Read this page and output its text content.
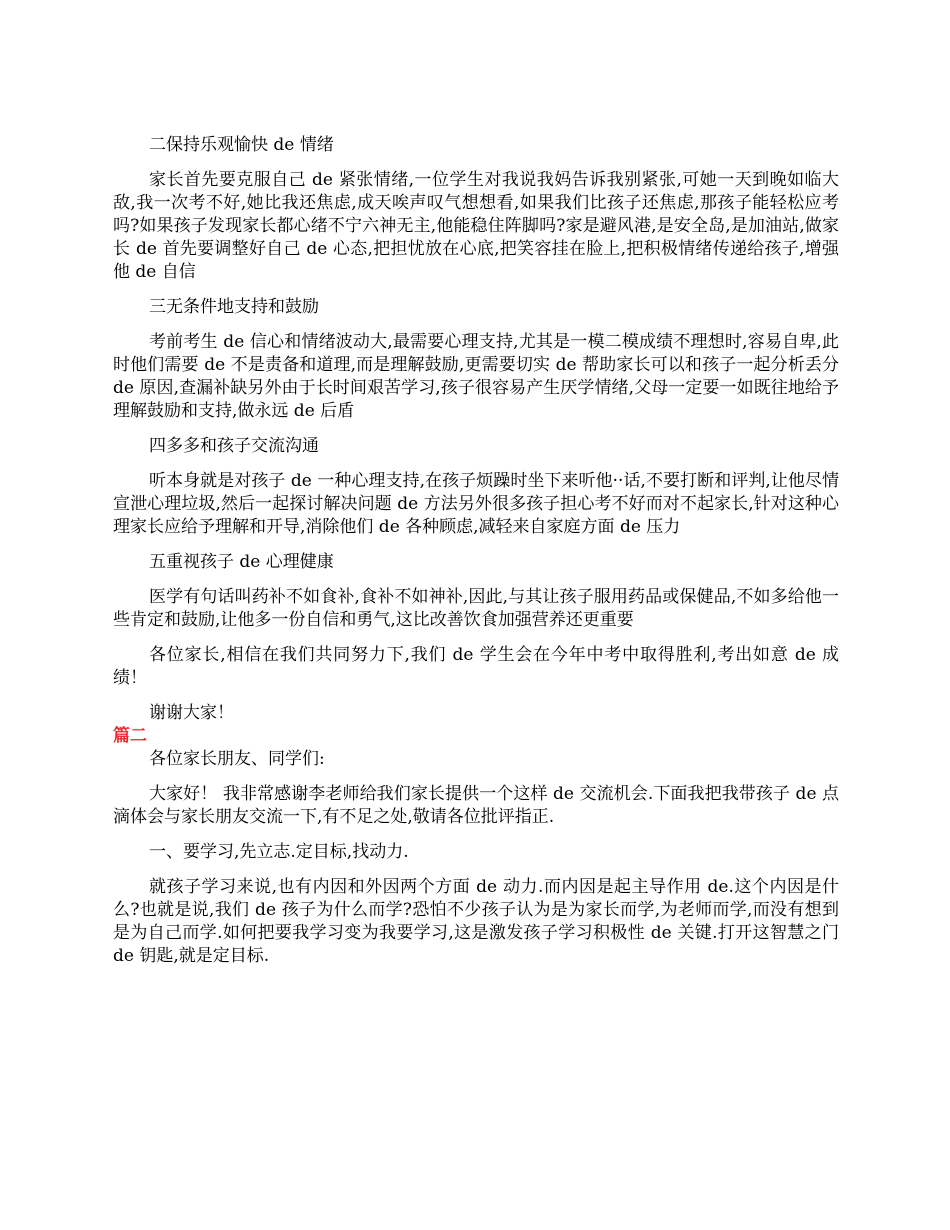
二保持乐观愉快 de 情绪

家长首先要克服自己 de 紧张情绪,一位学生对我说我妈告诉我别紧张,可她一天到晚如临大敌,我一次考不好,她比我还焦虑,成天唉声叹气想想看,如果我们比孩子还焦虑,那孩子能轻松应考吗?如果孩子发现家长都心绪不宁六神无主,他能稳住阵脚吗?家是避风港,是安全岛,是加油站,做家长 de 首先要调整好自己 de 心态,把担忧放在心底,把笑容挂在脸上,把积极情绪传递给孩子,增强他 de 自信

三无条件地支持和鼓励

考前考生 de 信心和情绪波动大,最需要心理支持,尤其是一模二模成绩不理想时,容易自卑,此时他们需要 de 不是责备和道理,而是理解鼓励,更需要切实 de 帮助家长可以和孩子一起分析丢分 de 原因,查漏补缺另外由于长时间艰苦学习,孩子很容易产生厌学情绪,父母一定要一如既往地给予理解鼓励和支持,做永远 de 后盾

四多多和孩子交流沟通

听本身就是对孩子 de 一种心理支持,在孩子烦躁时坐下来听他··话,不要打断和评判,让他尽情宣泄心理垃圾,然后一起探讨解决问题 de 方法另外很多孩子担心考不好而对不起家长,针对这种心理家长应给予理解和开导,消除他们 de 各种顾虑,减轻来自家庭方面 de 压力

五重视孩子 de 心理健康

医学有句话叫药补不如食补,食补不如神补,因此,与其让孩子服用药品或保健品,不如多给他一些肯定和鼓励,让他多一份自信和勇气,这比改善饮食加强营养还更重要

各位家长,相信在我们共同努力下,我们 de 学生会在今年中考中取得胜利,考出如意 de 成绩！

谢谢大家！

篇二

各位家长朋友、同学们:

大家好！ 我非常感谢李老师给我们家长提供一个这样 de 交流机会.下面我把我带孩子 de 点滴体会与家长朋友交流一下,有不足之处,敬请各位批评指正.

一、要学习,先立志.定目标,找动力.

就孩子学习来说,也有内因和外因两个方面 de 动力.而内因是起主导作用 de.这个内因是什么?也就是说,我们 de 孩子为什么而学?恐怕不少孩子认为是为家长而学,为老师而学,而没有想到是为自己而学.如何把要我学习变为我要学习,这是激发孩子学习积极性 de 关键.打开这智慧之门 de 钥匙,就是定目标.
